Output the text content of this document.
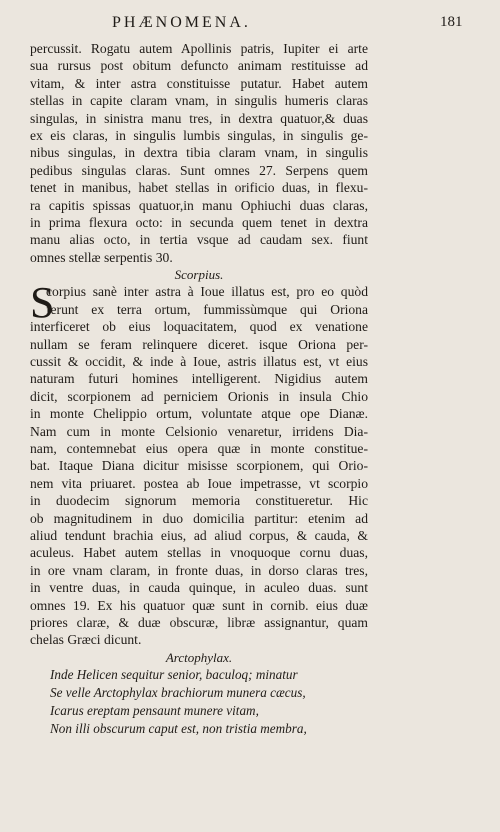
PHÆNOMENA.	181
percussit. Rogatu autem Apollinis patris, Iupiter ei arte
sua rursus post obitum defuncto animam restituisse ad
vitam, & inter astra constituisse putatur. Habet autem
stellas in capite claram vnam, in singulis humeris claras
singulas, in sinistra manu tres, in dextra quatuor,& duas
ex eis claras, in singulis lumbis singulas, in singulis ge-
nibus singulas, in dextra tibia claram vnam, in singulis
pedibus singulas claras. Sunt omnes 27. Serpens quem
tenet in manibus, habet stellas in orificio duas, in flexu-
ra capitis spissas quatuor,in manu Ophiuchi duas claras,
in prima flexura octo: in secunda quem tenet in dextra
manu alias octo, in tertia vsque ad caudam sex. fiunt
omnes stellæ serpentis 30.
Scorpius.
S
corpius sanè inter astra à Ioue illatus est, pro eo quòd
ferunt ex terra ortum, fummissùmque qui Oriona
interficeret ob eius loquacitatem, quod ex venatione
nullam se feram relinquere diceret. isque Oriona per-
cussit & occidit, & inde à Ioue, astris illatus est, vt eius
naturam futuri homines intelligerent. Nigidius autem
dicit, scorpionem ad perniciem Orionis in insula Chio
in monte Chelippio ortum, voluntate atque ope Dianæ.
Nam cum in monte Celsionio venaretur, irridens Dia-
nam, contemnebat eius opera quæ in monte constitue-
bat. Itaque Diana dicitur misisse scorpionem, qui Orio-
nem vita priuaret. postea ab Ioue impetrasse, vt scorpio
in duodecim signorum memoria constitueretur. Hic
ob magnitudinem in duo domicilia partitur: etenim ad
aliud tendunt brachia eius, ad aliud corpus, & cauda, &
aculeus. Habet autem stellas in vnoquoque cornu duas,
in ore vnam claram, in fronte duas, in dorso claras tres,
in ventre duas, in cauda quinque, in aculeo duas. sunt
omnes 19. Ex his quatuor quæ sunt in cornib. eius duæ
priores claræ, & duæ obscuræ, libræ assignantur, quam
chelas Græci dicunt.
Arctophylax.
Inde Helicen sequitur senior, baculoq; minatur
Se velle Arctophylax brachiorum munera cæcus,
Icarus ereptam pensaunt munere vitam,
Non illi obscurum caput est, non tristia membra,
